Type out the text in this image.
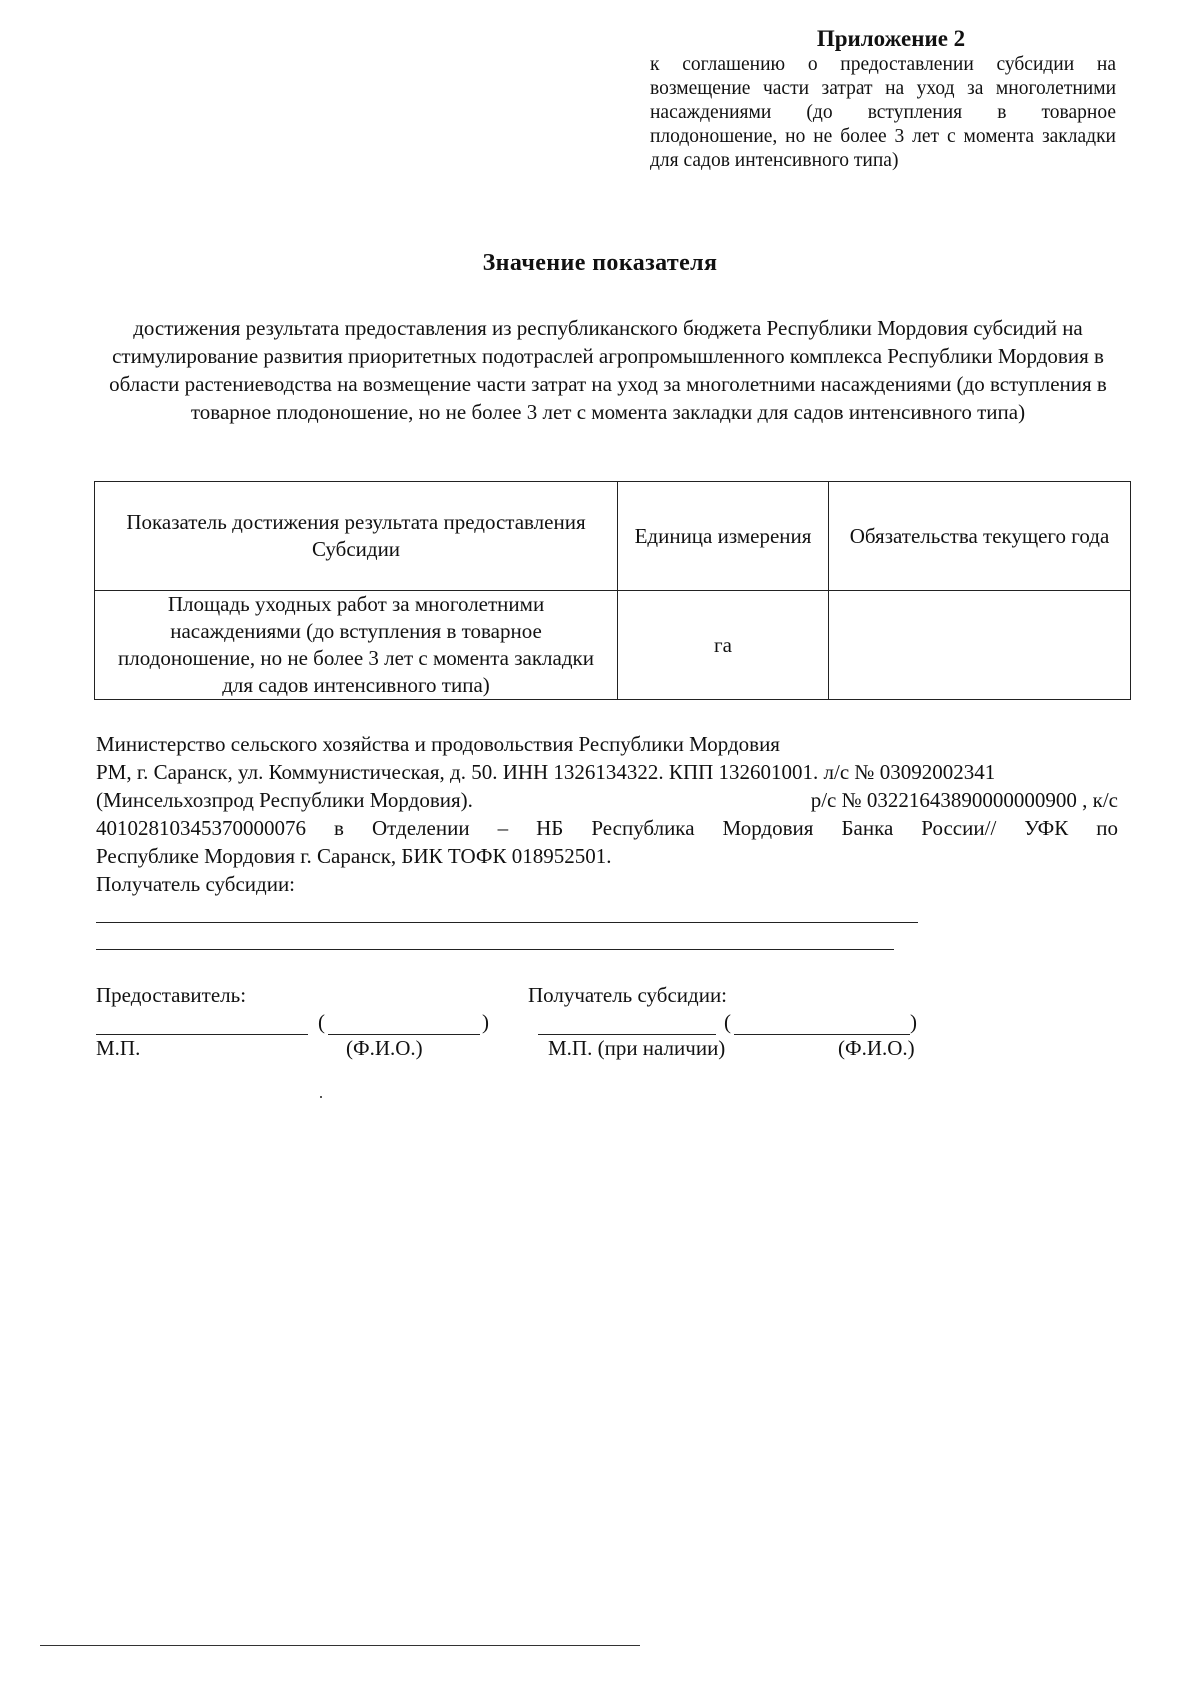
Приложение 2
к соглашению о предоставлении субсидии на возмещение части затрат на уход за многолетними насаждениями (до вступления в товарное плодоношение, но не более 3 лет с момента закладки для садов интенсивного типа)
Значение показателя
достижения результата предоставления из республиканского бюджета Республики Мордовия субсидий на стимулирование развития приоритетных подотраслей агропромышленного комплекса Республики Мордовия в области растениеводства на возмещение части затрат на уход за многолетними насаждениями (до вступления в товарное плодоношение, но не более 3 лет с момента закладки для садов интенсивного типа)
Показатель достижения результата предоставления Субсидии	Единица измерения	Обязательства текущего года
Площадь уходных работ за многолетними насаждениями (до вступления в товарное плодоношение, но не более 3 лет с момента закладки для садов интенсивного типа)	га	
Министерство сельского хозяйства и продовольствия Республики Мордовия
РМ, г. Саранск, ул. Коммунистическая, д. 50. ИНН 1326134322. КПП 132601001. л/с № 03092002341
(Минсельхозпрод Республики Мордовия).	р/с № 03221643890000000900 , к/с
40102810345370000076 в Отделении – НБ Республика Мордовия Банка России// УФК по
Республике Мордовия г. Саранск, БИК ТОФК 018952501.
Получатель субсидии:
Предоставитель:
(	)
М.П.	(Ф.И.О.)
Получатель субсидии:
(	)
М.П. (при наличии)	(Ф.И.О.)
